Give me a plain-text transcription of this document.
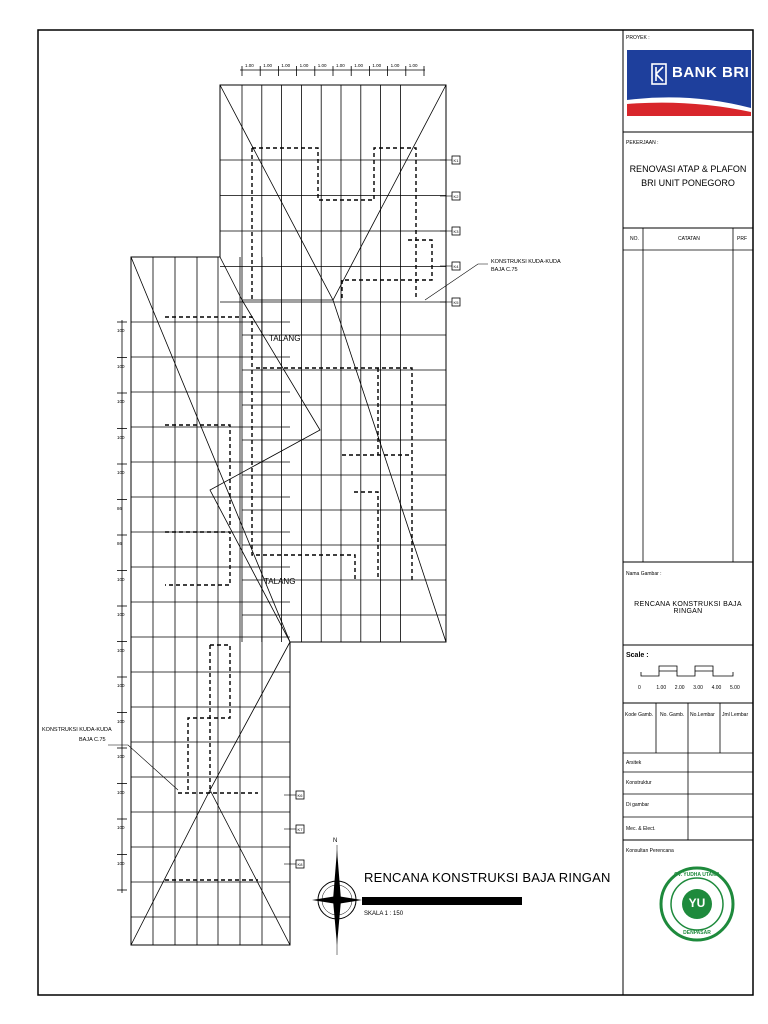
K1
K2
K3
K4
K5
K6
K7
K8
PROYEK :
BANK BRI
PEKERJAAN :
RENOVASI ATAP & PLAFON
BRI UNIT PONEGORO
NO.	CATATAN	PRF
Nama Gambar :
RENCANA KONSTRUKSI BAJA RINGAN
Scale :
0	1.00 2.00 3.00 4.00 5.00
Kode Gamb. No. Gamb. No.Lembar Jml Lembar
Arsitek
Konstruktur
Di gambar
Mec. & Elect.
Konsultan Perencana
CV. YUDHA UTAMA
DENPASAR
YU
RENCANA KONSTRUKSI BAJA RINGAN
SKALA 1 : 150
TALANG
TALANG
KONSTRUKSI KUDA-KUDA
BAJA C.75
KONSTRUKSI KUDA-KUDA
BAJA C.75
N
1.00 1.00 1.00 1.00 1.00 1.00 1.00 1.00 1.00 1.00
100
100
100
100
100
86
86
100
100
100
100
100
100
100
100
100
